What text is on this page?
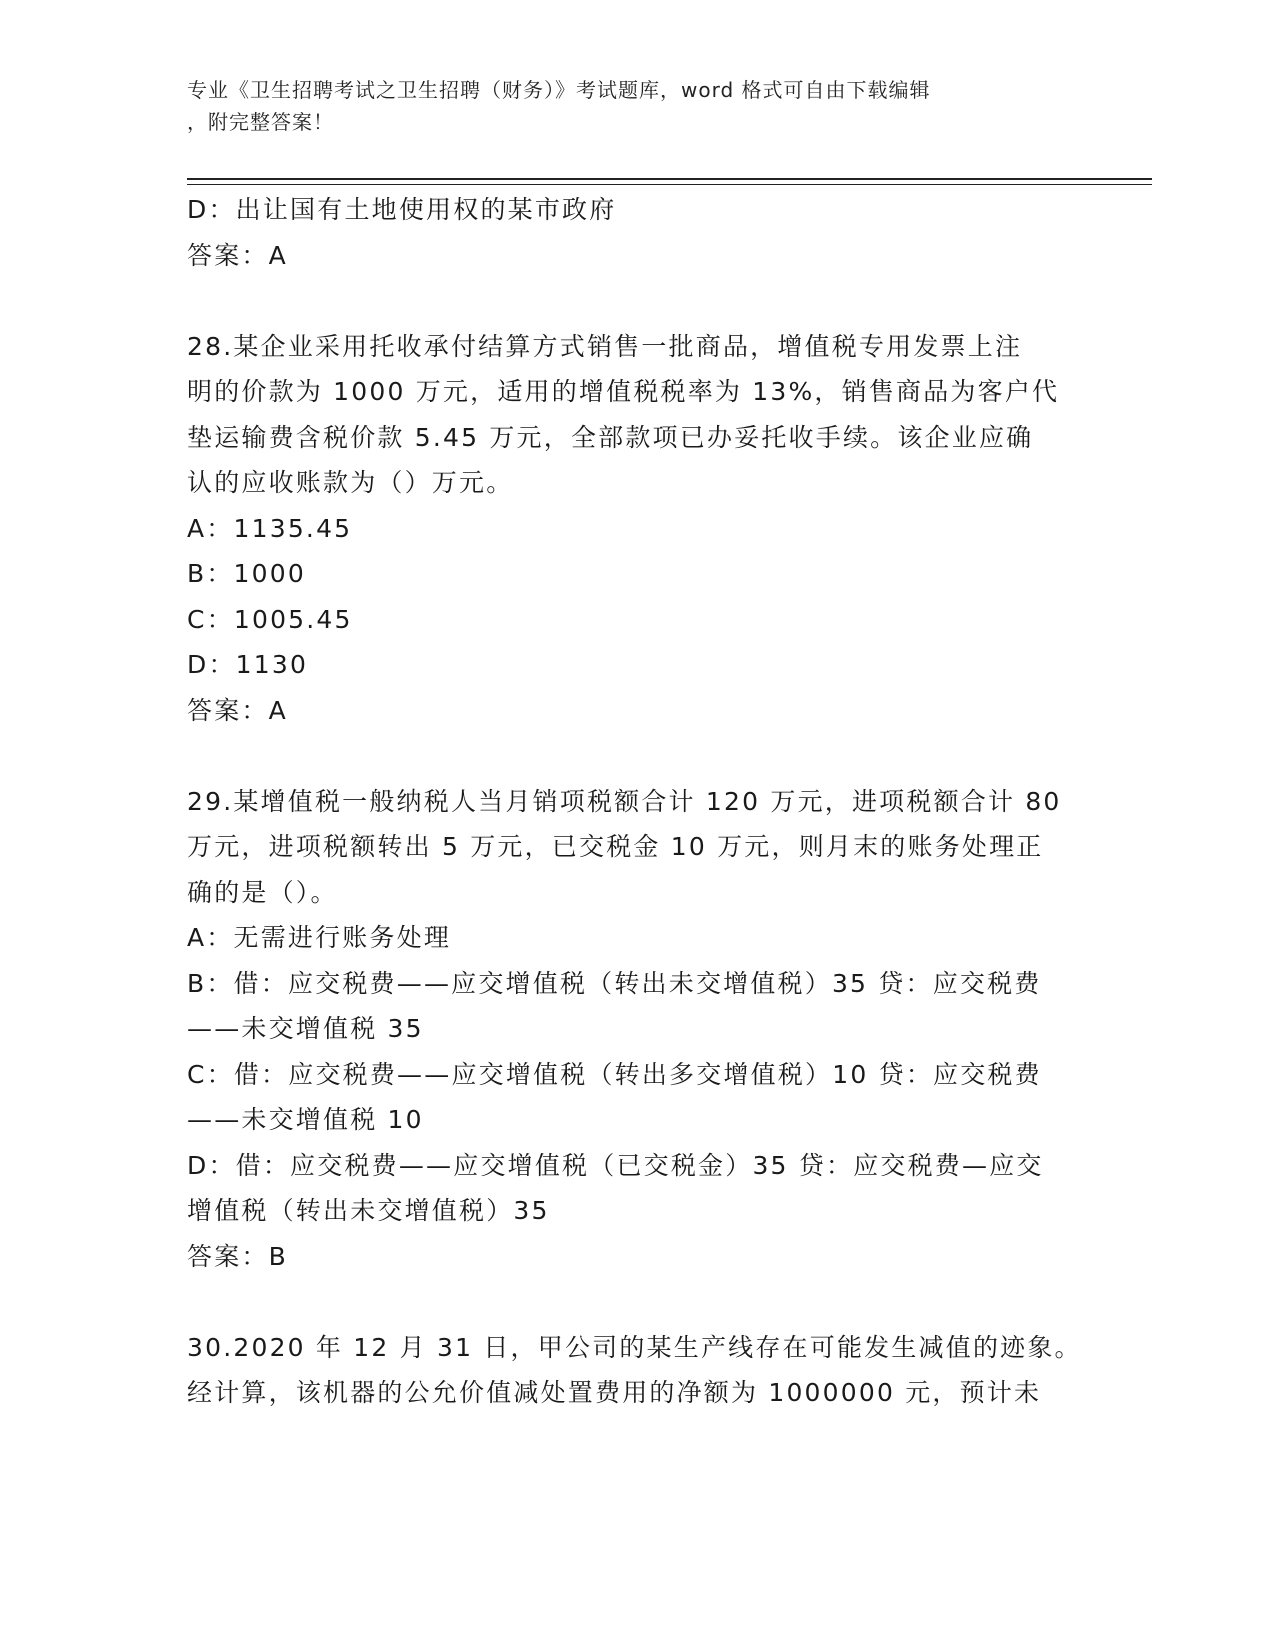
专业《卫生招聘考试之卫生招聘（财务）》考试题库，word 格式可自由下载编辑
，附完整答案！
D：出让国有土地使用权的某市政府
答案：A
28.某企业采用托收承付结算方式销售一批商品，增值税专用发票上注
明的价款为 1000 万元，适用的增值税税率为 13%，销售商品为客户代
垫运输费含税价款 5.45 万元，全部款项已办妥托收手续。该企业应确
认的应收账款为（）万元。
A：1135.45
B：1000
C：1005.45
D：1130
答案：A
29.某增值税一般纳税人当月销项税额合计 120 万元，进项税额合计 80
万元，进项税额转出 5 万元，已交税金 10 万元，则月末的账务处理正
确的是（）。
A：无需进行账务处理
B：借：应交税费——应交增值税（转出未交增值税）35 贷：应交税费
——未交增值税 35
C：借：应交税费——应交增值税（转出多交增值税）10 贷：应交税费
——未交增值税 10
D：借：应交税费——应交增值税（已交税金）35 贷：应交税费—应交
增值税（转出未交增值税）35
答案：B
30.2020 年 12 月 31 日，甲公司的某生产线存在可能发生减值的迹象。
经计算，该机器的公允价值减处置费用的净额为 1000000 元，预计未
